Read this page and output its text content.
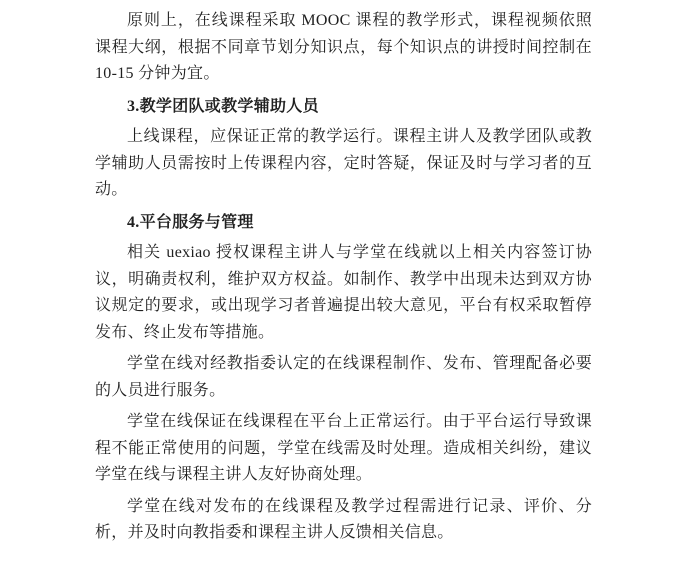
原则上，在线课程采取 MOOC 课程的教学形式，课程视频依照课程大纲，根据不同章节划分知识点，每个知识点的讲授时间控制在 10-15 分钟为宜。

3.教学团队或教学辅助人员

上线课程，应保证正常的教学运行。课程主讲人及教学团队或教学辅助人员需按时上传课程内容，定时答疑，保证及时与学习者的互动。

4.平台服务与管理

相关 uexiao 授权课程主讲人与学堂在线就以上相关内容签订协议，明确责权利，维护双方权益。如制作、教学中出现未达到双方协议规定的要求，或出现学习者普遍提出较大意见，平台有权采取暂停发布、终止发布等措施。

学堂在线对经教指委认定的在线课程制作、发布、管理配备必要的人员进行服务。

学堂在线保证在线课程在平台上正常运行。由于平台运行导致课程不能正常使用的问题，学堂在线需及时处理。造成相关纠纷，建议学堂在线与课程主讲人友好协商处理。

学堂在线对发布的在线课程及教学过程需进行记录、评价、分析，并及时向教指委和课程主讲人反馈相关信息。
